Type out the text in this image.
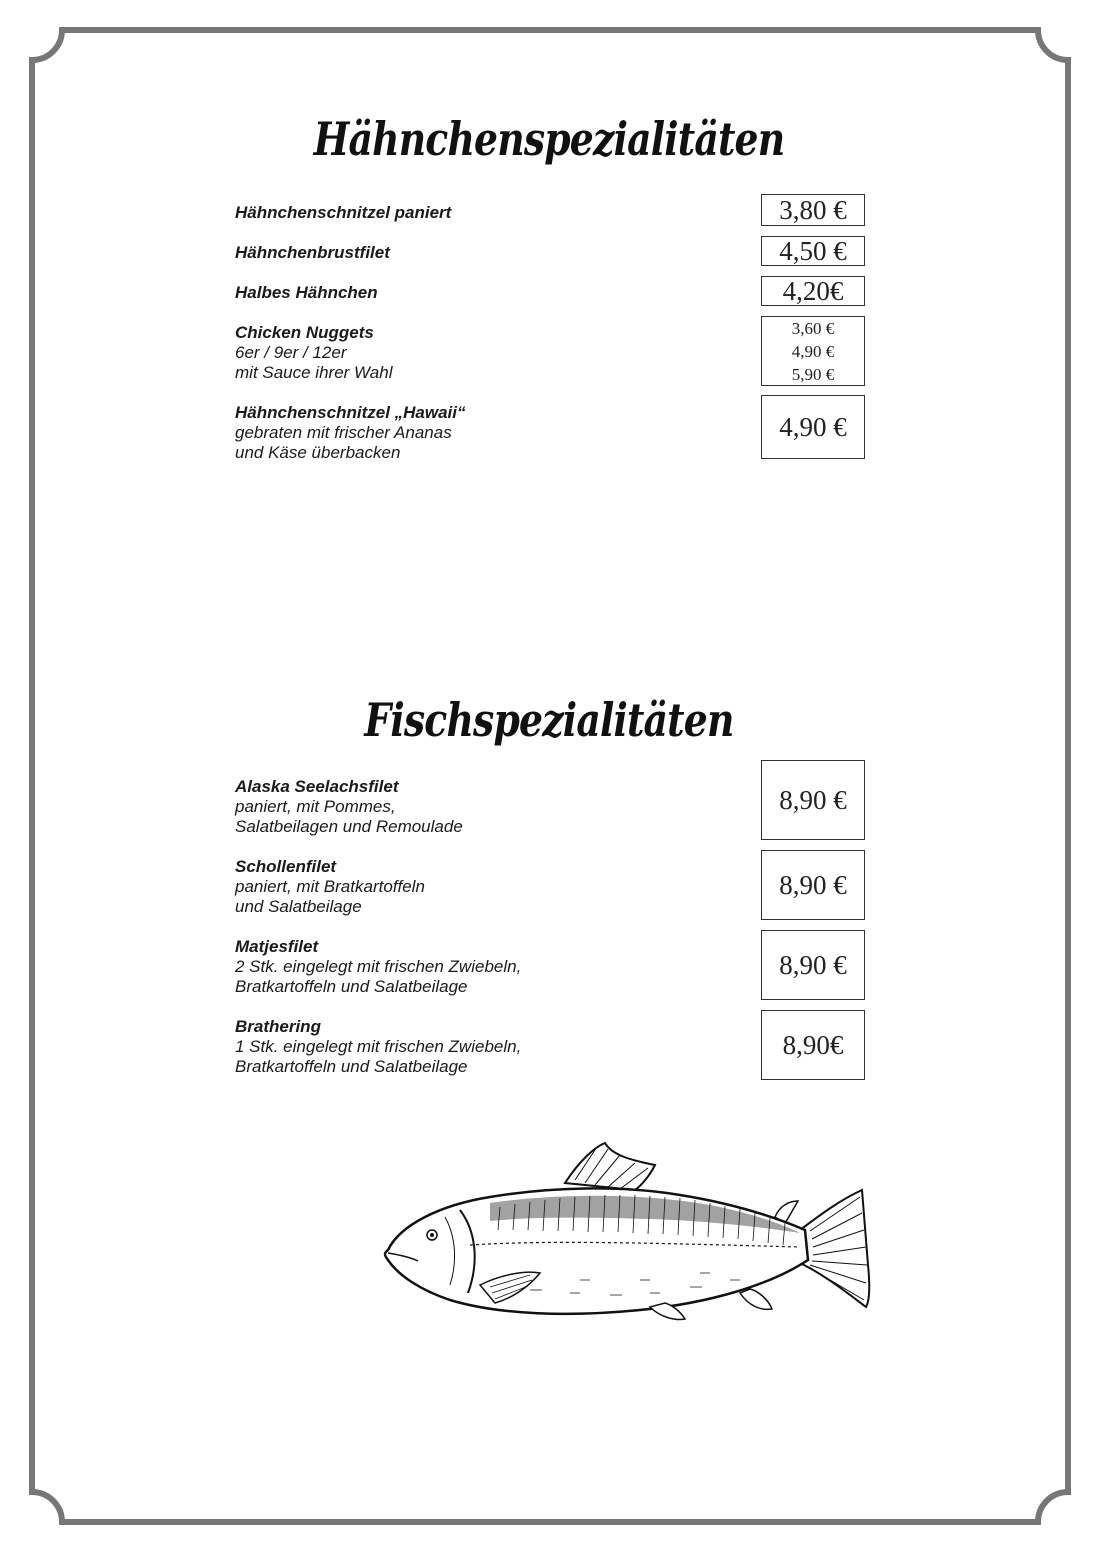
Hähnchenspezialitäten
Hähnchenschnitzel paniert	3,80 €
Hähnchenbrustfilet	4,50 €
Halbes Hähnchen	4,20€
Chicken Nuggets
6er / 9er / 12er
mit Sauce ihrer Wahl
3,60 €
4,90 €
5,90 €
Hähnchenschnitzel „Hawaii“
gebraten mit frischer Ananas
und Käse überbacken
4,90 €
Fischspezialitäten
Alaska Seelachsfilet
paniert, mit Pommes,
Salatbeilagen und Remoulade
8,90 €
Schollenfilet
paniert, mit Bratkartoffeln
und Salatbeilage
8,90 €
Matjesfilet
2 Stk. eingelegt mit frischen Zwiebeln,
Bratkartoffeln und Salatbeilage
8,90 €
Brathering
1 Stk. eingelegt mit frischen Zwiebeln,
Bratkartoffeln und Salatbeilage
8,90€
